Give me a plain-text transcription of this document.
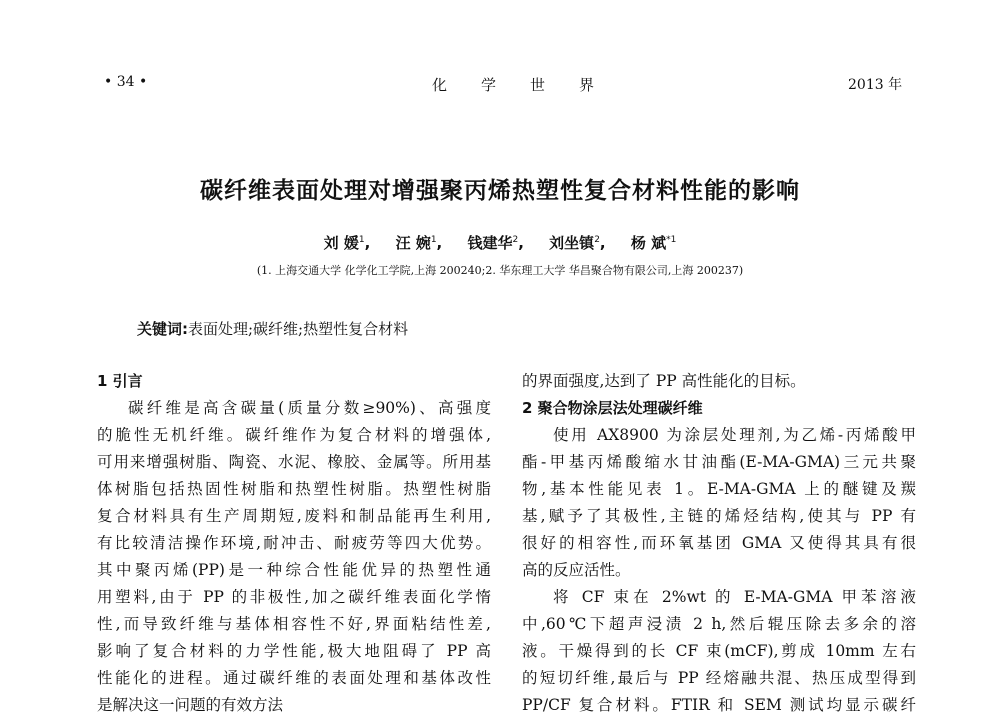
• 34 •	化学世界	2013 年
碳纤维表面处理对增强聚丙烯热塑性复合材料性能的影响
刘 媛$^1$, 汪 婉$^1$, 钱建华$^2$, 刘坐镇$^2$, 杨 斌$^{*1}$
(1. 上海交通大学 化学化工学院,上海 200240;2. 华东理工大学 华昌聚合物有限公司,上海 200237)
关键词:表面处理;碳纤维;热塑性复合材料
1 引言
碳纤维是高含碳量(质量分数≥90%)、高强度
的脆性无机纤维。碳纤维作为复合材料的增强体,
可用来增强树脂、陶瓷、水泥、橡胶、金属等。所用基
体树脂包括热固性树脂和热塑性树脂。热塑性树脂
复合材料具有生产周期短,废料和制品能再生利用,
有比较清洁操作环境,耐冲击、耐疲劳等四大优势。
其中聚丙烯(PP)是一种综合性能优异的热塑性通
用塑料,由于 PP 的非极性,加之碳纤维表面化学惰
性,而导致纤维与基体相容性不好,界面粘结性差,
影响了复合材料的力学性能,极大地阻碍了 PP 高
性能化的进程。通过碳纤维的表面处理和基体改性
是解决这一问题的有效方法
的界面强度,达到了 PP 高性能化的目标。
2 聚合物涂层法处理碳纤维
使用 AX8900 为涂层处理剂,为乙烯-丙烯酸甲
酯-甲基丙烯酸缩水甘油酯(E-MA-GMA)三元共聚
物,基本性能见表 1。E-MA-GMA 上的醚键及羰
基,赋予了其极性,主链的烯烃结构,使其与 PP 有
很好的相容性,而环氧基团 GMA 又使得其具有很
高的反应活性。
将 CF 束在 2%wt 的 E-MA-GMA 甲苯溶液
中,60℃下超声浸渍 2 h,然后辊压除去多余的溶
液。干燥得到的长 CF 束(mCF),剪成 10mm 左右
的短切纤维,最后与 PP 经熔融共混、热压成型得到
PP/CF 复合材料。FTIR 和 SEM 测试均显示碳纤
